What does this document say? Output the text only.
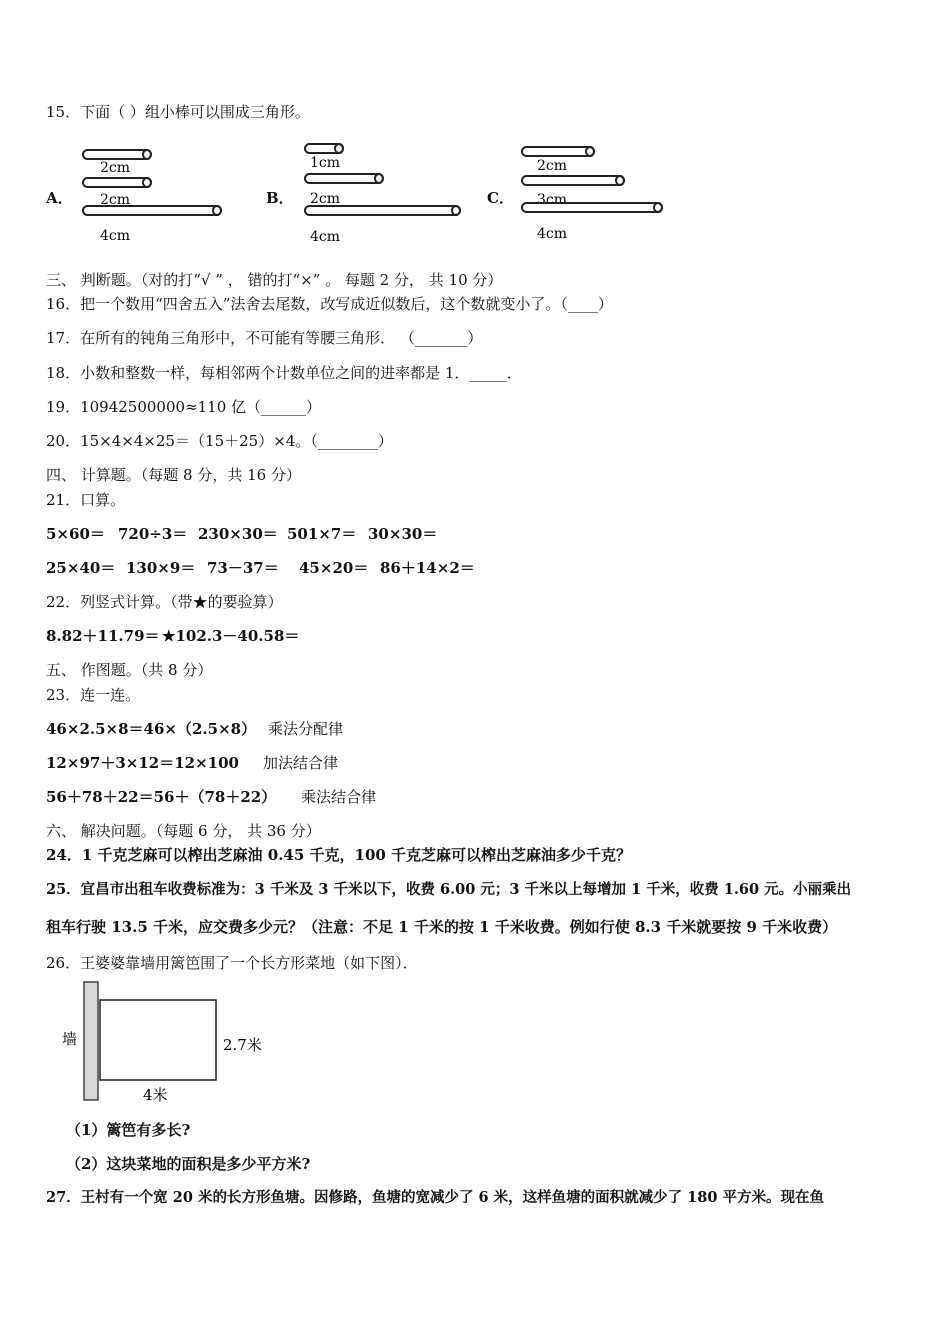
15．下面（ ）组小棒可以围成三角形。
A．
2cm
2cm
4cm
B．
1cm
2cm
4cm
C．
2cm
3cm
4cm
三、 判断题。（对的打“√ ” ， 错的打“×” 。 每题 2 分， 共 10 分）
16．把一个数用“四舍五入”法舍去尾数，改写成近似数后，这个数就变小了。（____）
17．在所有的钝角三角形中，不可能有等腰三角形． （_______）
18．小数和整数一样，每相邻两个计数单位之间的进率都是 1．_____．
19．10942500000≈110 亿（______）
20．15×4×4×25＝（15＋25）×4。（________）
四、 计算题。（每题 8 分，共 16 分）
21．口算。
5×60＝ 720÷3＝ 230×30＝ 501×7＝ 30×30＝
25×40＝ 130×9＝ 73－37＝ 45×20＝ 86＋14×2＝
22．列竖式计算。（带★的要验算）
8.82＋11.79＝ ★102.3－40.58＝
五、 作图题。（共 8 分）
23．连一连。
46×2.5×8＝46×（2.5×8） 乘法分配律
12×97＋3×12＝12×100 加法结合律
56＋78＋22＝56＋（78＋22） 乘法结合律
六、 解决问题。（每题 6 分， 共 36 分）
24．1 千克芝麻可以榨出芝麻油 0.45 千克，100 千克芝麻可以榨出芝麻油多少千克？
25．宜昌市出租车收费标准为：3 千米及 3 千米以下，收费 6.00 元；3 千米以上每增加 1 千米，收费 1.60 元。小丽乘出
租车行驶 13.5 千米，应交费多少元？（注意：不足 1 千米的按 1 千米收费。例如行使 8.3 千米就要按 9 千米收费）
26．王婆婆靠墙用篱笆围了一个长方形菜地（如下图）．
墙	2.7米
4米
（1）篱笆有多长?
（2）这块菜地的面积是多少平方米?
27．王村有一个宽 20 米的长方形鱼塘。因修路，鱼塘的宽减少了 6 米，这样鱼塘的面积就减少了 180 平方米。现在鱼
